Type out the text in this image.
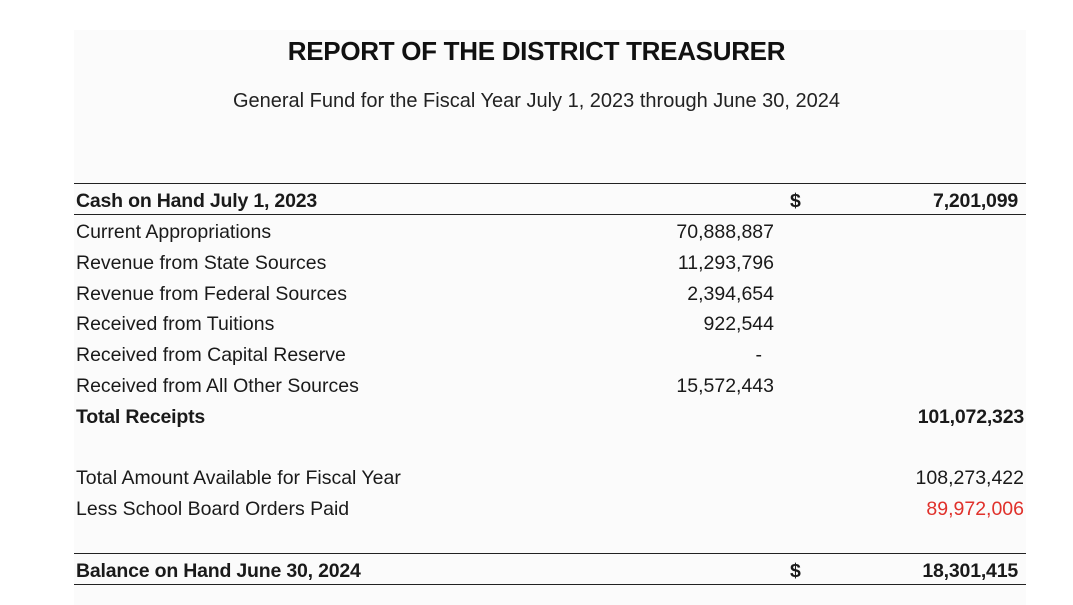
REPORT OF THE DISTRICT TREASURER
General Fund for the Fiscal Year July 1, 2023 through June 30, 2024
Cash on Hand July 1, 2023	$	7,201,099
Current Appropriations	70,888,887
Revenue from State Sources	11,293,796
Revenue from Federal Sources	2,394,654
Received from Tuitions	922,544
Received from Capital Reserve	-
Received from All Other Sources	15,572,443
Total Receipts	101,072,323
Total Amount Available for Fiscal Year	108,273,422
Less School Board Orders Paid	89,972,006
Balance on Hand June 30, 2024	$	18,301,415
